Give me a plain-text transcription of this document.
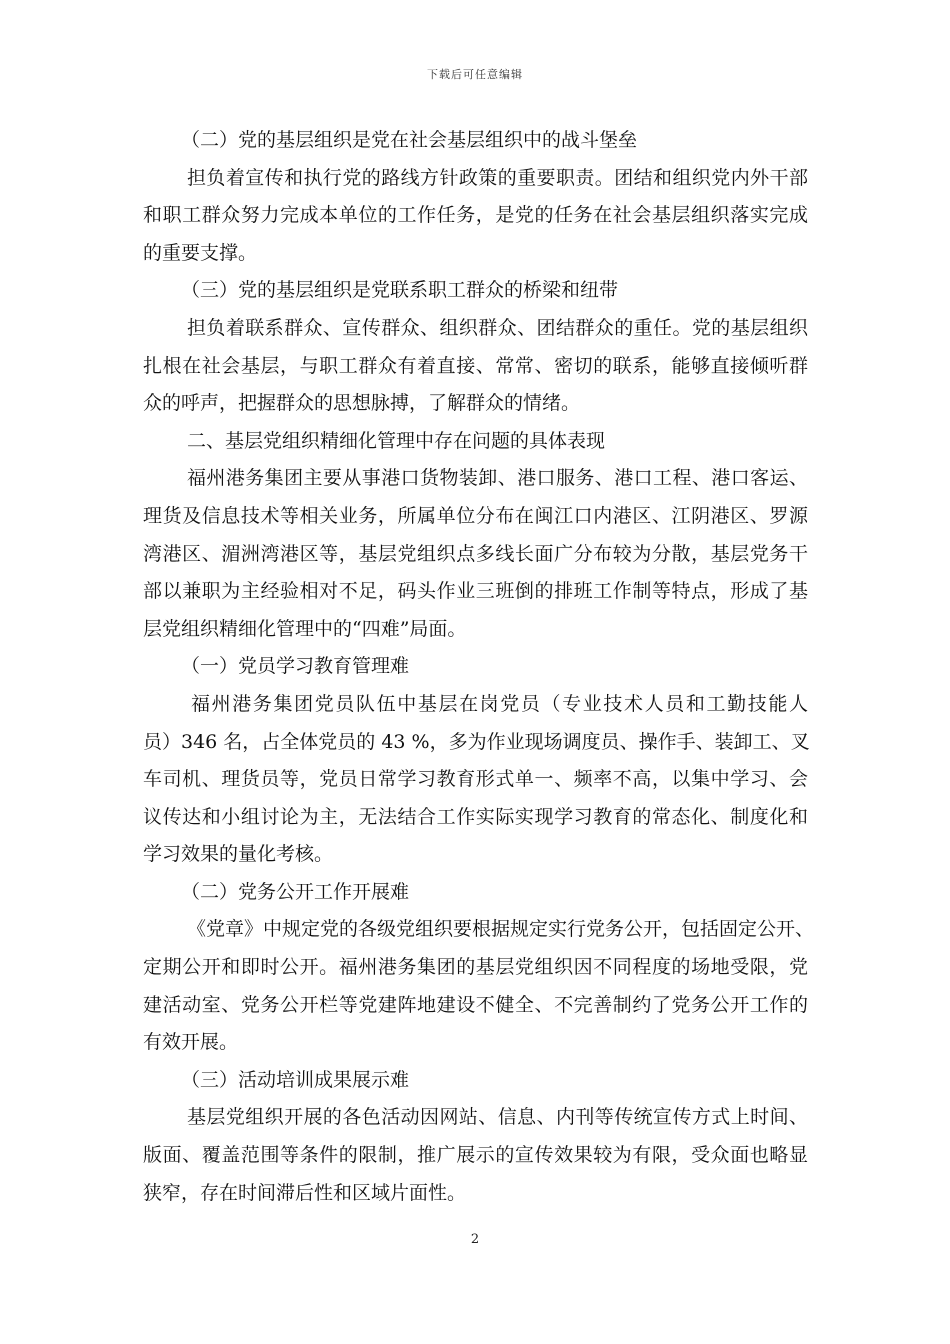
下载后可任意编辑
（二）党的基层组织是党在社会基层组织中的战斗堡垒
担负着宣传和执行党的路线方针政策的重要职责。团结和组织党内外干部
和职工群众努力完成本单位的工作任务，是党的任务在社会基层组织落实完成
的重要支撑。
（三）党的基层组织是党联系职工群众的桥梁和纽带
担负着联系群众、宣传群众、组织群众、团结群众的重任。党的基层组织
扎根在社会基层，与职工群众有着直接、常常、密切的联系，能够直接倾听群
众的呼声，把握群众的思想脉搏，了解群众的情绪。
二、基层党组织精细化管理中存在问题的具体表现
福州港务集团主要从事港口货物装卸、港口服务、港口工程、港口客运、
理货及信息技术等相关业务，所属单位分布在闽江口内港区、江阴港区、罗源
湾港区、湄洲湾港区等，基层党组织点多线长面广分布较为分散，基层党务干
部以兼职为主经验相对不足，码头作业三班倒的排班工作制等特点，形成了基
层党组织精细化管理中的“四难”局面。
（一）党员学习教育管理难
福州港务集团党员队伍中基层在岗党员（专业技术人员和工勤技能人
员）346 名，占全体党员的 43 %，多为作业现场调度员、操作手、装卸工、叉
车司机、理货员等，党员日常学习教育形式单一、频率不高，以集中学习、会
议传达和小组讨论为主，无法结合工作实际实现学习教育的常态化、制度化和
学习效果的量化考核。
（二）党务公开工作开展难
《党章》中规定党的各级党组织要根据规定实行党务公开，包括固定公开、
定期公开和即时公开。福州港务集团的基层党组织因不同程度的场地受限，党
建活动室、党务公开栏等党建阵地建设不健全、不完善制约了党务公开工作的
有效开展。
（三）活动培训成果展示难
基层党组织开展的各色活动因网站、信息、内刊等传统宣传方式上时间、
版面、覆盖范围等条件的限制，推广展示的宣传效果较为有限，受众面也略显
狭窄，存在时间滞后性和区域片面性。
2
